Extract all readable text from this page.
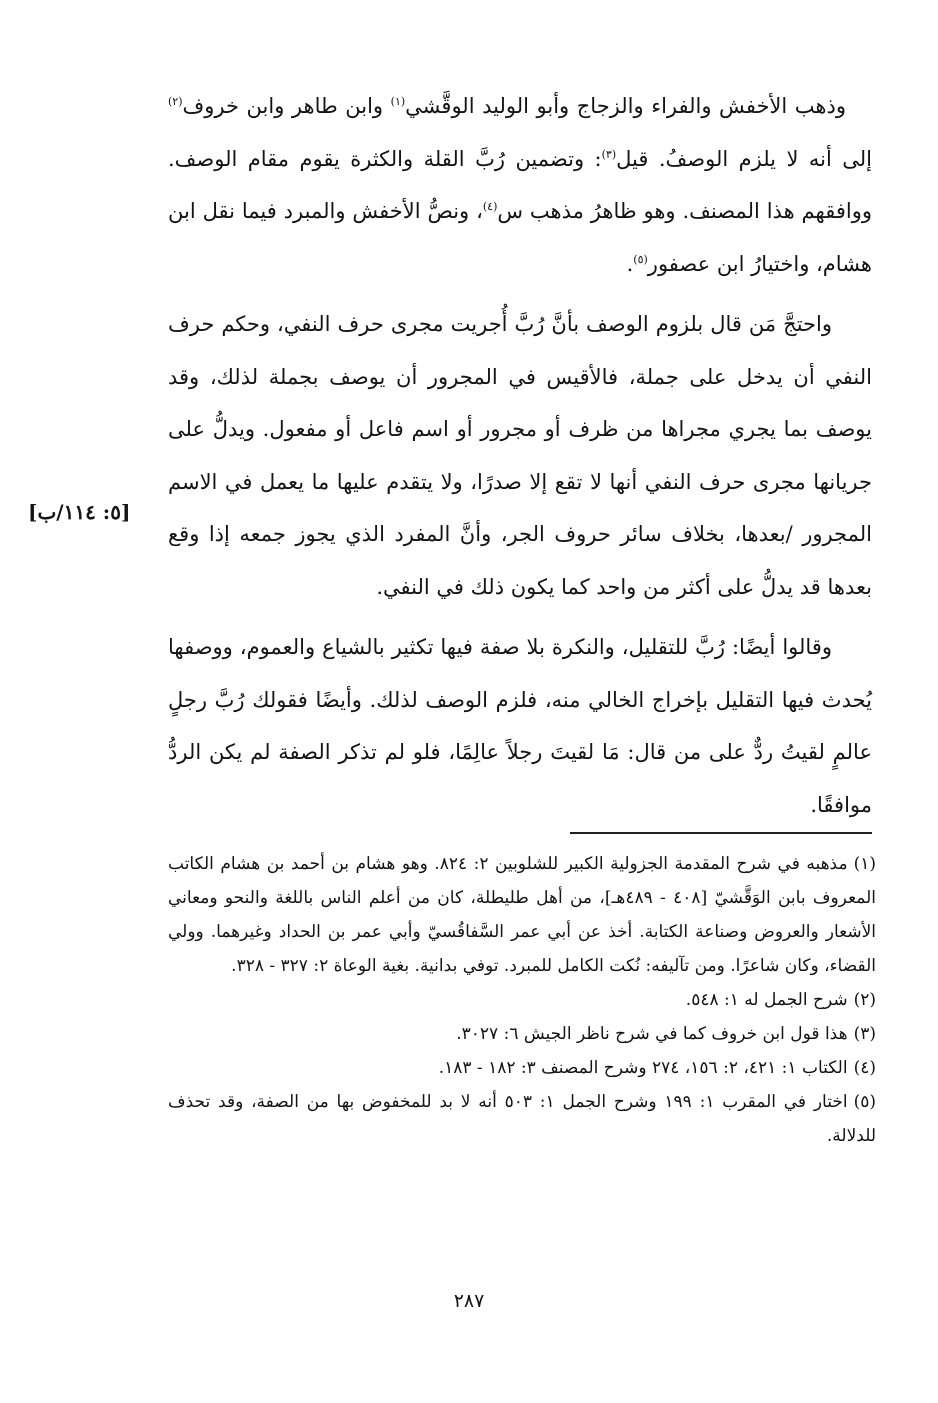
وذهب الأخفش والفراء والزجاج وأبو الوليد الوقَّشي$^{(١)}$ وابن طاهر وابن خروف$^{(٢)}$ إلى أنه لا يلزم الوصفُ. قيل$^{(٣)}$: وتضمين رُبَّ القلة والكثرة يقوم مقام الوصف. ووافقهم هذا المصنف. وهو ظاهرُ مذهب س$^{(٤)}$، ونصُّ الأخفش والمبرد فيما نقل ابن هشام، واختيارُ ابن عصفور$^{(٥)}$.

واحتجَّ مَن قال بلزوم الوصف بأنَّ رُبَّ أُجريت مجرى حرف النفي، وحكم حرف النفي أن يدخل على جملة، فالأقيس في المجرور أن يوصف بجملة لذلك، وقد يوصف بما يجري مجراها من ظرف أو مجرور أو اسم فاعل أو مفعول. ويدلُّ على جريانها مجرى حرف النفي أنها لا تقع إلا صدرًا، ولا يتقدم عليها ما يعمل في الاسم المجرور /بعدها، بخلاف سائر حروف الجر، وأنَّ المفرد الذي يجوز جمعه إذا وقع بعدها قد يدلُّ على أكثر من واحد كما يكون ذلك في النفي.

وقالوا أيضًا: رُبَّ للتقليل، والنكرة بلا صفة فيها تكثير بالشياع والعموم، ووصفها يُحدث فيها التقليل بإخراج الخالي منه، فلزم الوصف لذلك. وأيضًا فقولك رُبَّ رجلٍ عالمٍ لقيتُ ردٌّ على من قال: مَا لقيتَ رجلاً عالِمًا، فلو لم تذكر الصفة لم يكن الردُّ موافقًا.

[٥: ١١٤/ب]

(١)مذهبه في شرح المقدمة الجزولية الكبير للشلوبين ٢: ٨٢٤. وهو هشام بن أحمد بن هشام الكاتب المعروف بابن الوَقَّشيّ [٤٠٨ - ٤٨٩هـ]، من أهل طليطلة، كان من أعلم الناس باللغة والنحو ومعاني الأشعار والعروض وصناعة الكتابة. أخذ عن أبي عمر السَّفاقُسيّ وأبي عمر بن الحداد وغيرهما. وولي القضاء، وكان شاعرًا. ومن تآليفه: نُكت الكامل للمبرد. توفي بدانية. بغية الوعاة ٢: ٣٢٧ - ٣٢٨.

(٢)شرح الجمل له ١: ٥٤٨.

(٣)هذا قول ابن خروف كما في شرح ناظر الجيش ٦: ٣٠٢٧.

(٤)الكتاب ١: ٤٢١، ٢: ١٥٦، ٢٧٤ وشرح المصنف ٣: ١٨٢ - ١٨٣.

(٥)اختار في المقرب ١: ١٩٩ وشرح الجمل ١: ٥٠٣ أنه لا بد للمخفوض بها من الصفة، وقد تحذف للدلالة.

٢٨٧
